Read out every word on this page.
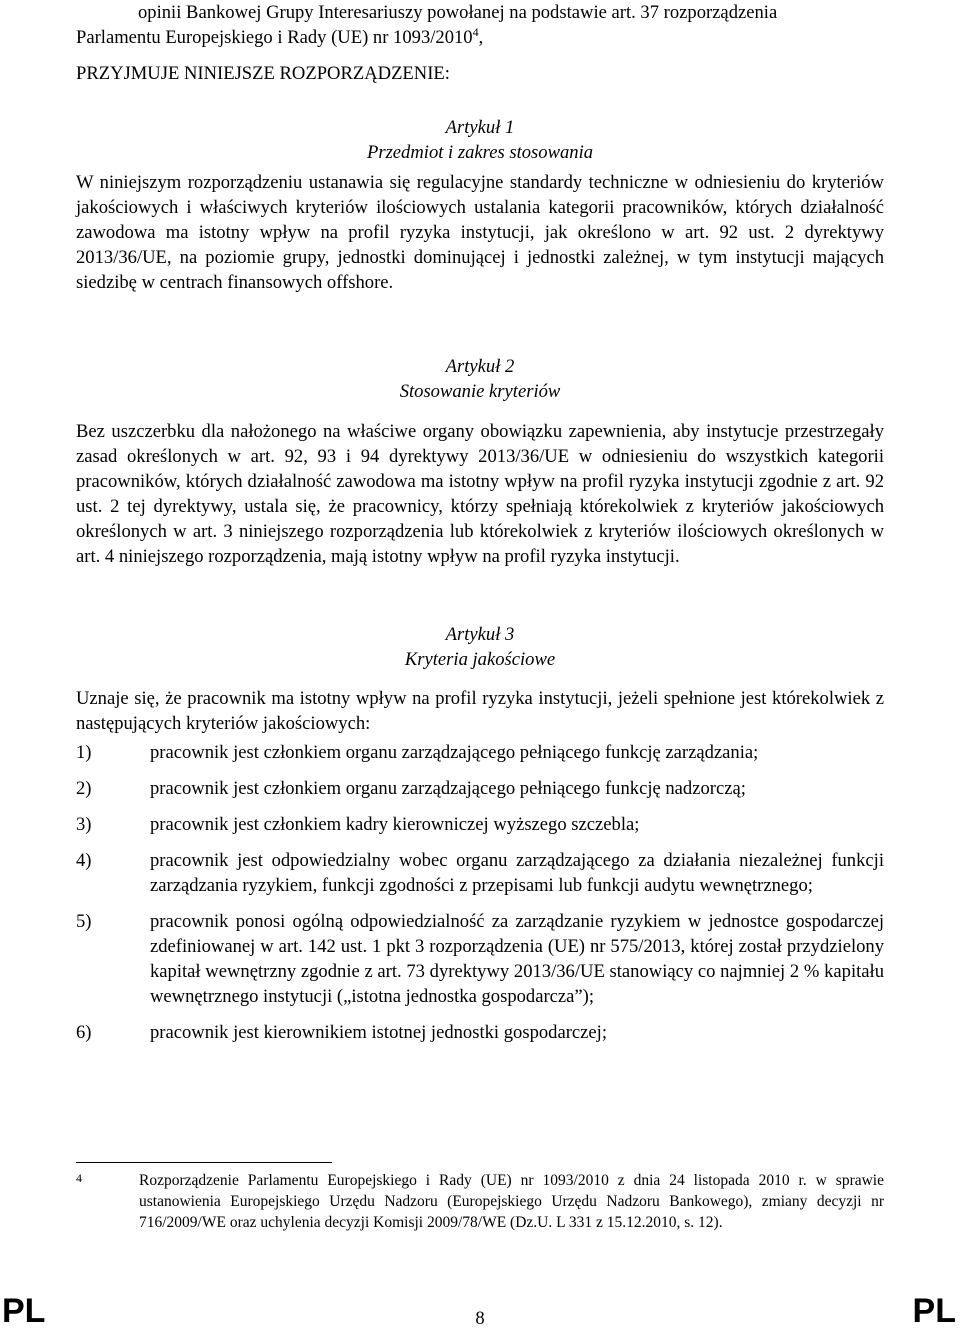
opinii Bankowej Grupy Interesariuszy powołanej na podstawie art. 37 rozporządzenia

Parlamentu Europejskiego i Rady (UE) nr 1093/2010$^4$,

PRZYJMUJE NINIEJSZE ROZPORZĄDZENIE:

Artykuł 1

Przedmiot i zakres stosowania

W niniejszym rozporządzeniu ustanawia się regulacyjne standardy techniczne w odniesieniu do kryteriów jakościowych i właściwych kryteriów ilościowych ustalania kategorii pracowników, których działalność zawodowa ma istotny wpływ na profil ryzyka instytucji, jak określono w art. 92 ust. 2 dyrektywy 2013/36/UE, na poziomie grupy, jednostki dominującej i jednostki zależnej, w tym instytucji mających siedzibę w centrach finansowych offshore.

Artykuł 2

Stosowanie kryteriów

Bez uszczerbku dla nałożonego na właściwe organy obowiązku zapewnienia, aby instytucje przestrzegały zasad określonych w art. 92, 93 i 94 dyrektywy 2013/36/UE w odniesieniu do wszystkich kategorii pracowników, których działalność zawodowa ma istotny wpływ na profil ryzyka instytucji zgodnie z art. 92 ust. 2 tej dyrektywy, ustala się, że pracownicy, którzy spełniają którekolwiek z kryteriów jakościowych określonych w art. 3 niniejszego rozporządzenia lub którekolwiek z kryteriów ilościowych określonych w art. 4 niniejszego rozporządzenia, mają istotny wpływ na profil ryzyka instytucji.

Artykuł 3

Kryteria jakościowe

Uznaje się, że pracownik ma istotny wpływ na profil ryzyka instytucji, jeżeli spełnione jest którekolwiek z następujących kryteriów jakościowych:

1)	pracownik jest członkiem organu zarządzającego pełniącego funkcję zarządzania;
2)	pracownik jest członkiem organu zarządzającego pełniącego funkcję nadzorczą;
3)	pracownik jest członkiem kadry kierowniczej wyższego szczebla;
4)	pracownik jest odpowiedzialny wobec organu zarządzającego za działania niezależnej funkcji zarządzania ryzykiem, funkcji zgodności z przepisami lub funkcji audytu wewnętrznego;
5)	pracownik ponosi ogólną odpowiedzialność za zarządzanie ryzykiem w jednostce gospodarczej zdefiniowanej w art. 142 ust. 1 pkt 3 rozporządzenia (UE) nr 575/2013, której został przydzielony kapitał wewnętrzny zgodnie z art. 73 dyrektywy 2013/36/UE stanowiący co najmniej 2 % kapitału wewnętrznego instytucji („istotna jednostka gospodarcza”);
6)	pracownik jest kierownikiem istotnej jednostki gospodarczej;
4	Rozporządzenie Parlamentu Europejskiego i Rady (UE) nr 1093/2010 z dnia 24 listopada 2010 r. w sprawie ustanowienia Europejskiego Urzędu Nadzoru (Europejskiego Urzędu Nadzoru Bankowego), zmiany decyzji nr 716/2009/WE oraz uchylenia decyzji Komisji 2009/78/WE (Dz.U. L 331 z 15.12.2010, s. 12).
PL	8	PL
